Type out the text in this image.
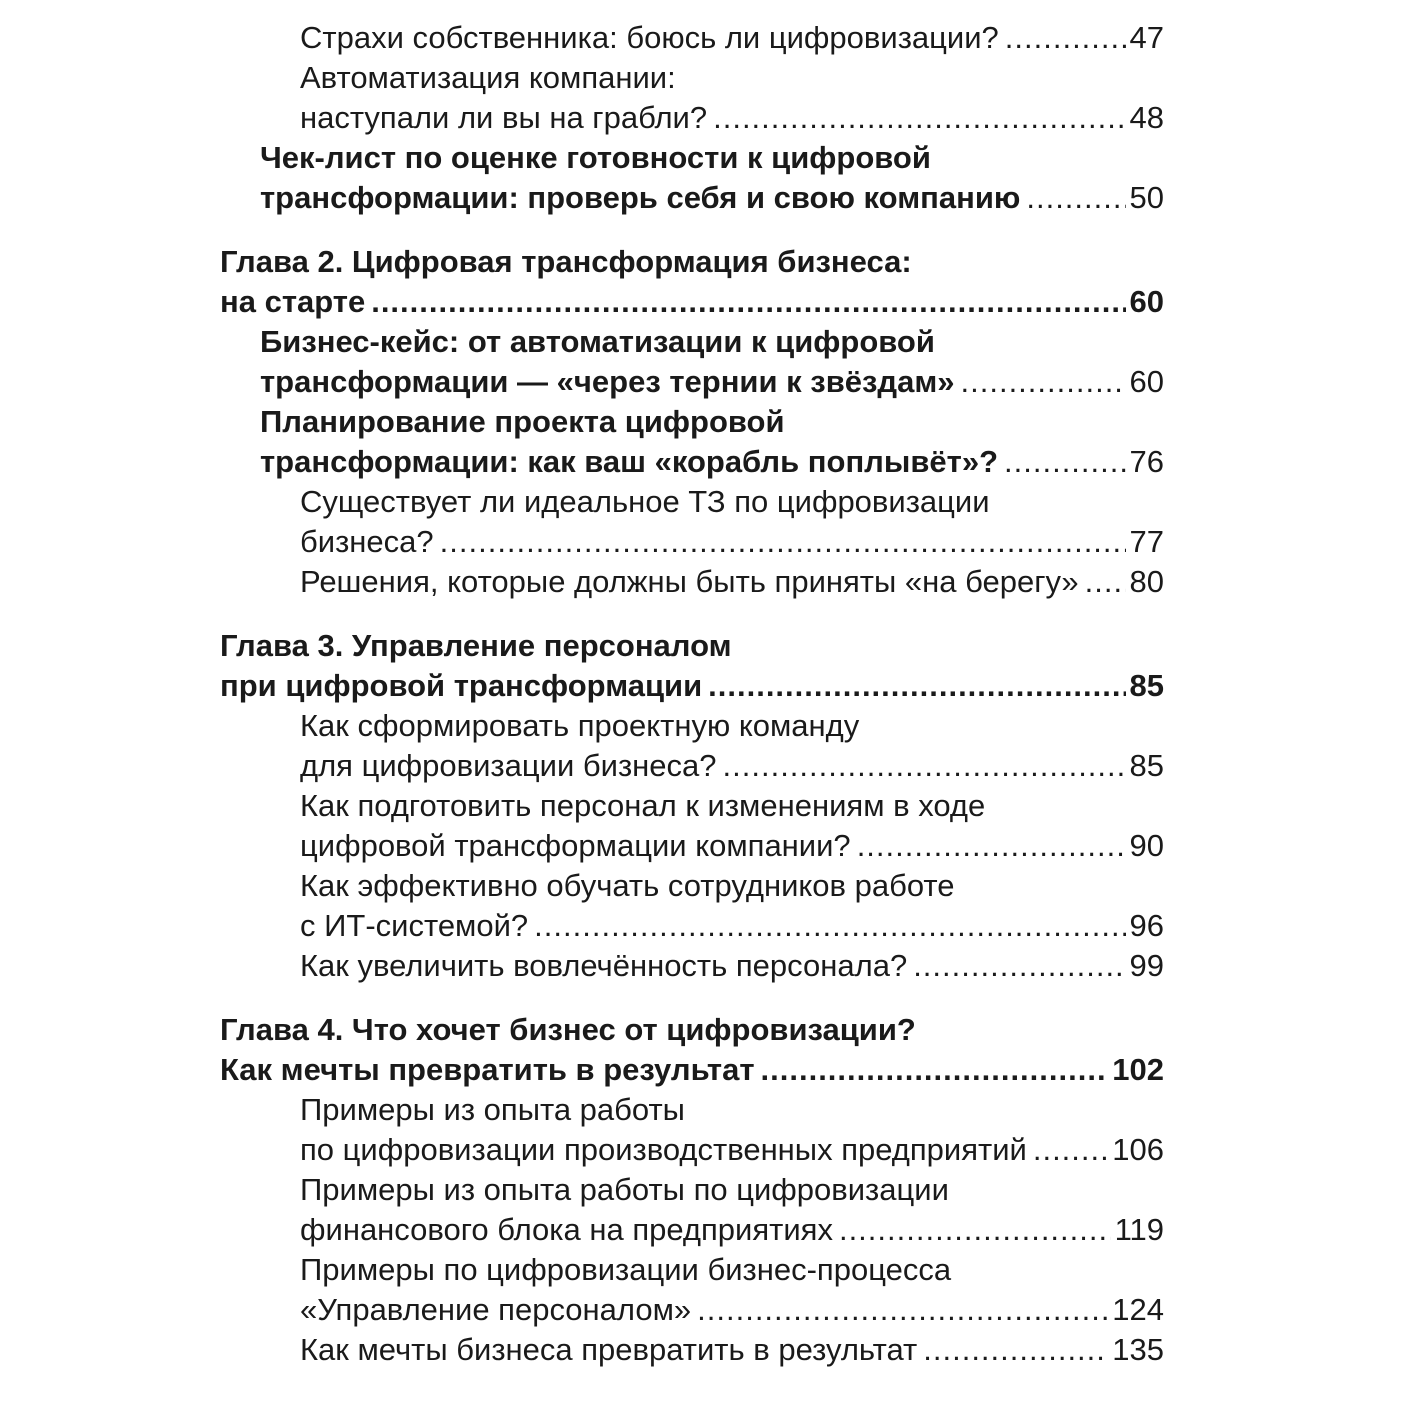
Страхи собственника: боюсь ли цифровизации? .....	47
Автоматизация компании:
наступали ли вы на грабли? .....	48
Чек-лист по оценке готовности к цифровой
трансформации: проверь себя и свою компанию .....	50
Глава 2. Цифровая трансформация бизнеса:
на старте .....	60
Бизнес-кейс: от автоматизации к цифровой
трансформации — «через тернии к звёздам» .....	60
Планирование проекта цифровой
трансформации: как ваш «корабль поплывёт»? .....	76
Существует ли идеальное ТЗ по цифровизации
бизнеса? .....	77
Решения, которые должны быть приняты «на берегу» ..... 80
Глава 3. Управление персоналом
при цифровой трансформации .....	85
Как сформировать проектную команду
для цифровизации бизнеса? .....	85
Как подготовить персонал к изменениям в ходе
цифровой трансформации компании? .....	90
Как эффективно обучать сотрудников работе
с ИТ-системой? .....	96
Как увеличить вовлечённость персонала? .....	99
Глава 4. Что хочет бизнес от цифровизации?
Как мечты превратить в результат .....	102
Примеры из опыта работы
по цифровизации производственных предприятий .....	106
Примеры из опыта работы по цифровизации
финансового блока на предприятиях .....	119
Примеры по цифровизации бизнес-процесса
«Управление персоналом» .....	124
Как мечты бизнеса превратить в результат .....	135
